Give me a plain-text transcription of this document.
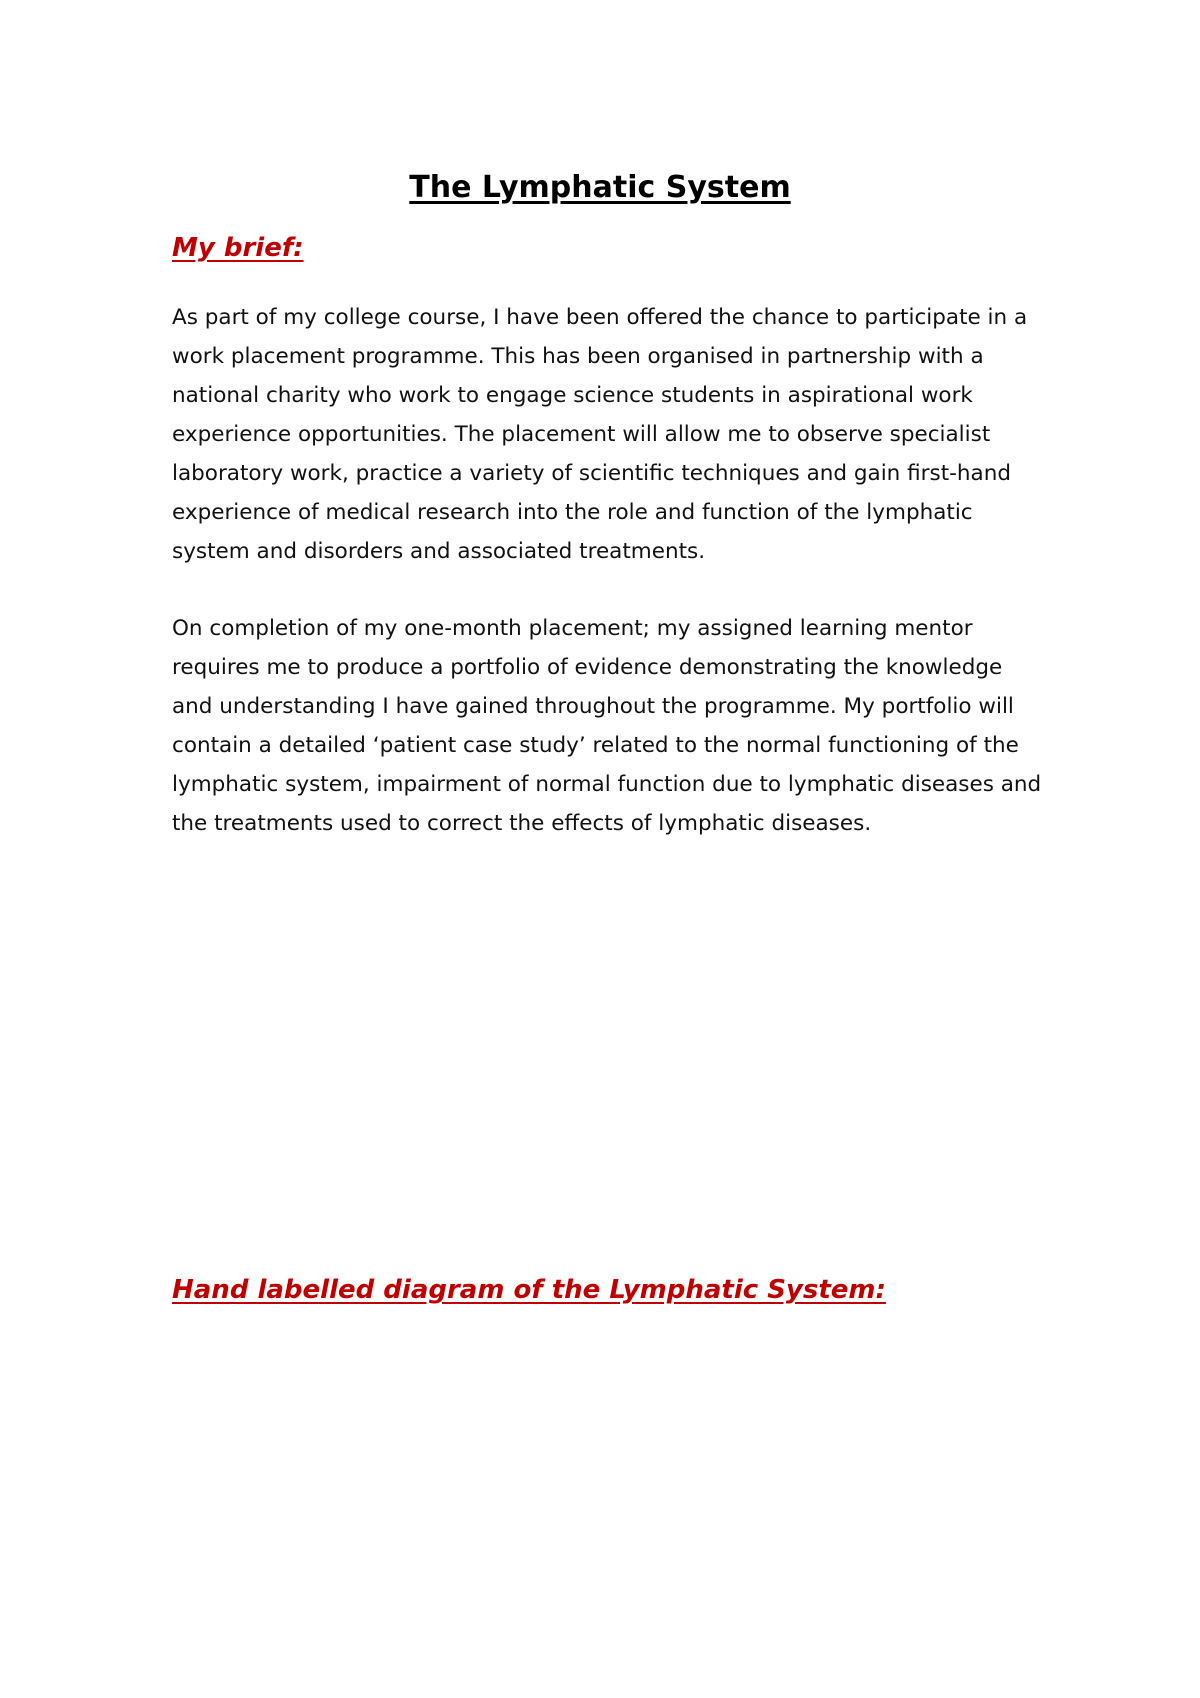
The Lymphatic System
My brief:

As part of my college course, I have been offered the chance to participate in a work placement programme. This has been organised in partnership with a national charity who work to engage science students in aspirational work experience opportunities. The placement will allow me to observe specialist laboratory work, practice a variety of scientific techniques and gain first-hand experience of medical research into the role and function of the lymphatic system and disorders and associated treatments.

On completion of my one-month placement; my assigned learning mentor requires me to produce a portfolio of evidence demonstrating the knowledge and understanding I have gained throughout the programme. My portfolio will contain a detailed ‘patient case study’ related to the normal functioning of the lymphatic system, impairment of normal function due to lymphatic diseases and the treatments used to correct the effects of lymphatic diseases.

Hand labelled diagram of the Lymphatic System:
